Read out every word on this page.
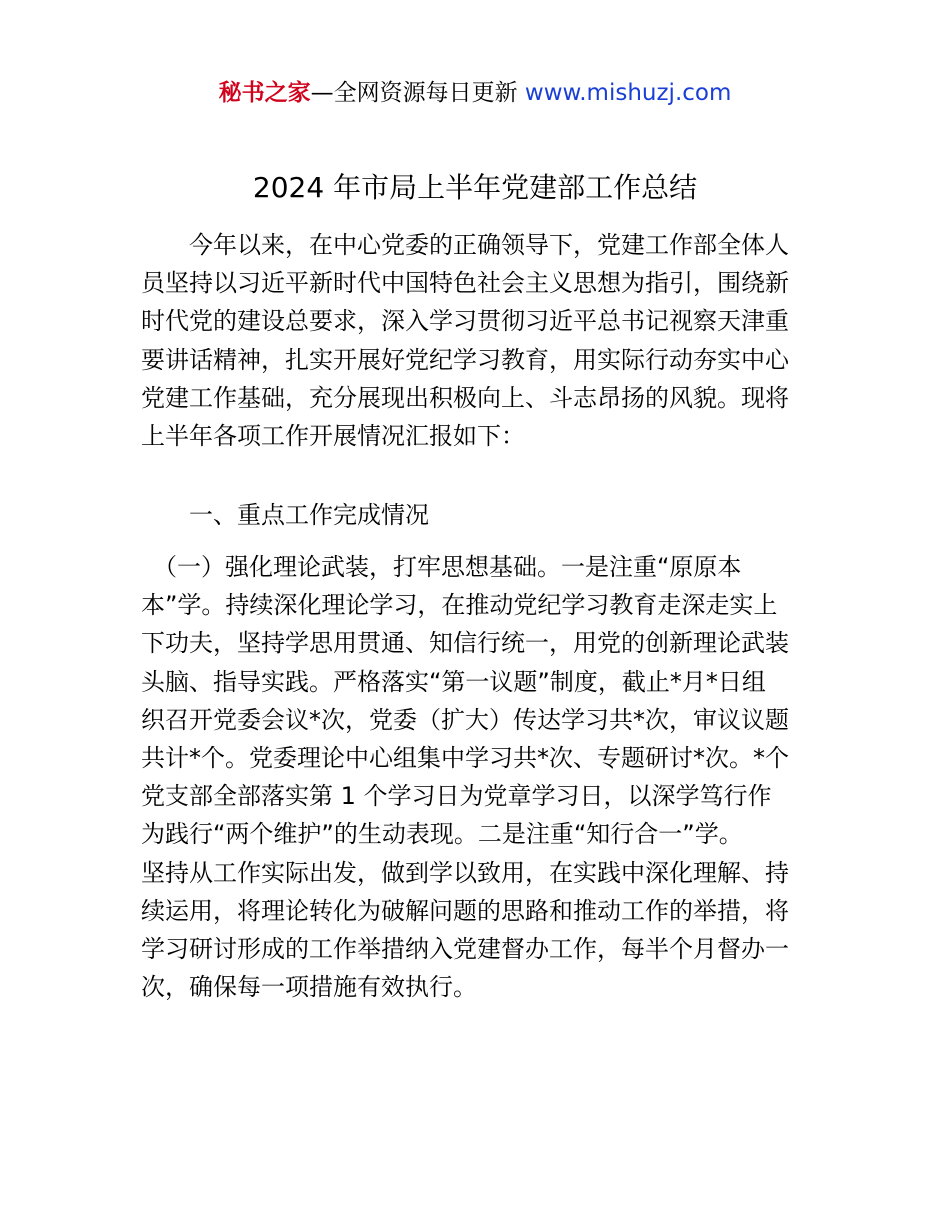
秘书之家—全网资源每日更新 www.mishuzj.com
2024 年市局上半年党建部工作总结
　　今年以来，在中心党委的正确领导下，党建工作部全体人
员坚持以习近平新时代中国特色社会主义思想为指引，围绕新
时代党的建设总要求，深入学习贯彻习近平总书记视察天津重
要讲话精神，扎实开展好党纪学习教育，用实际行动夯实中心
党建工作基础，充分展现出积极向上、斗志昂扬的风貌。现将
上半年各项工作开展情况汇报如下：
　　一、重点工作完成情况
　（一）强化理论武装，打牢思想基础。一是注重“原原本
本”学。持续深化理论学习，在推动党纪学习教育走深走实上
下功夫，坚持学思用贯通、知信行统一，用党的创新理论武装
头脑、指导实践。严格落实“第一议题”制度，截止*月*日组
织召开党委会议*次，党委（扩大）传达学习共*次，审议议题
共计*个。党委理论中心组集中学习共*次、专题研讨*次。*个
党支部全部落实第 1 个学习日为党章学习日，以深学笃行作
为践行“两个维护”的生动表现。二是注重“知行合一”学。
坚持从工作实际出发，做到学以致用，在实践中深化理解、持
续运用，将理论转化为破解问题的思路和推动工作的举措，将
学习研讨形成的工作举措纳入党建督办工作，每半个月督办一
次，确保每一项措施有效执行。
